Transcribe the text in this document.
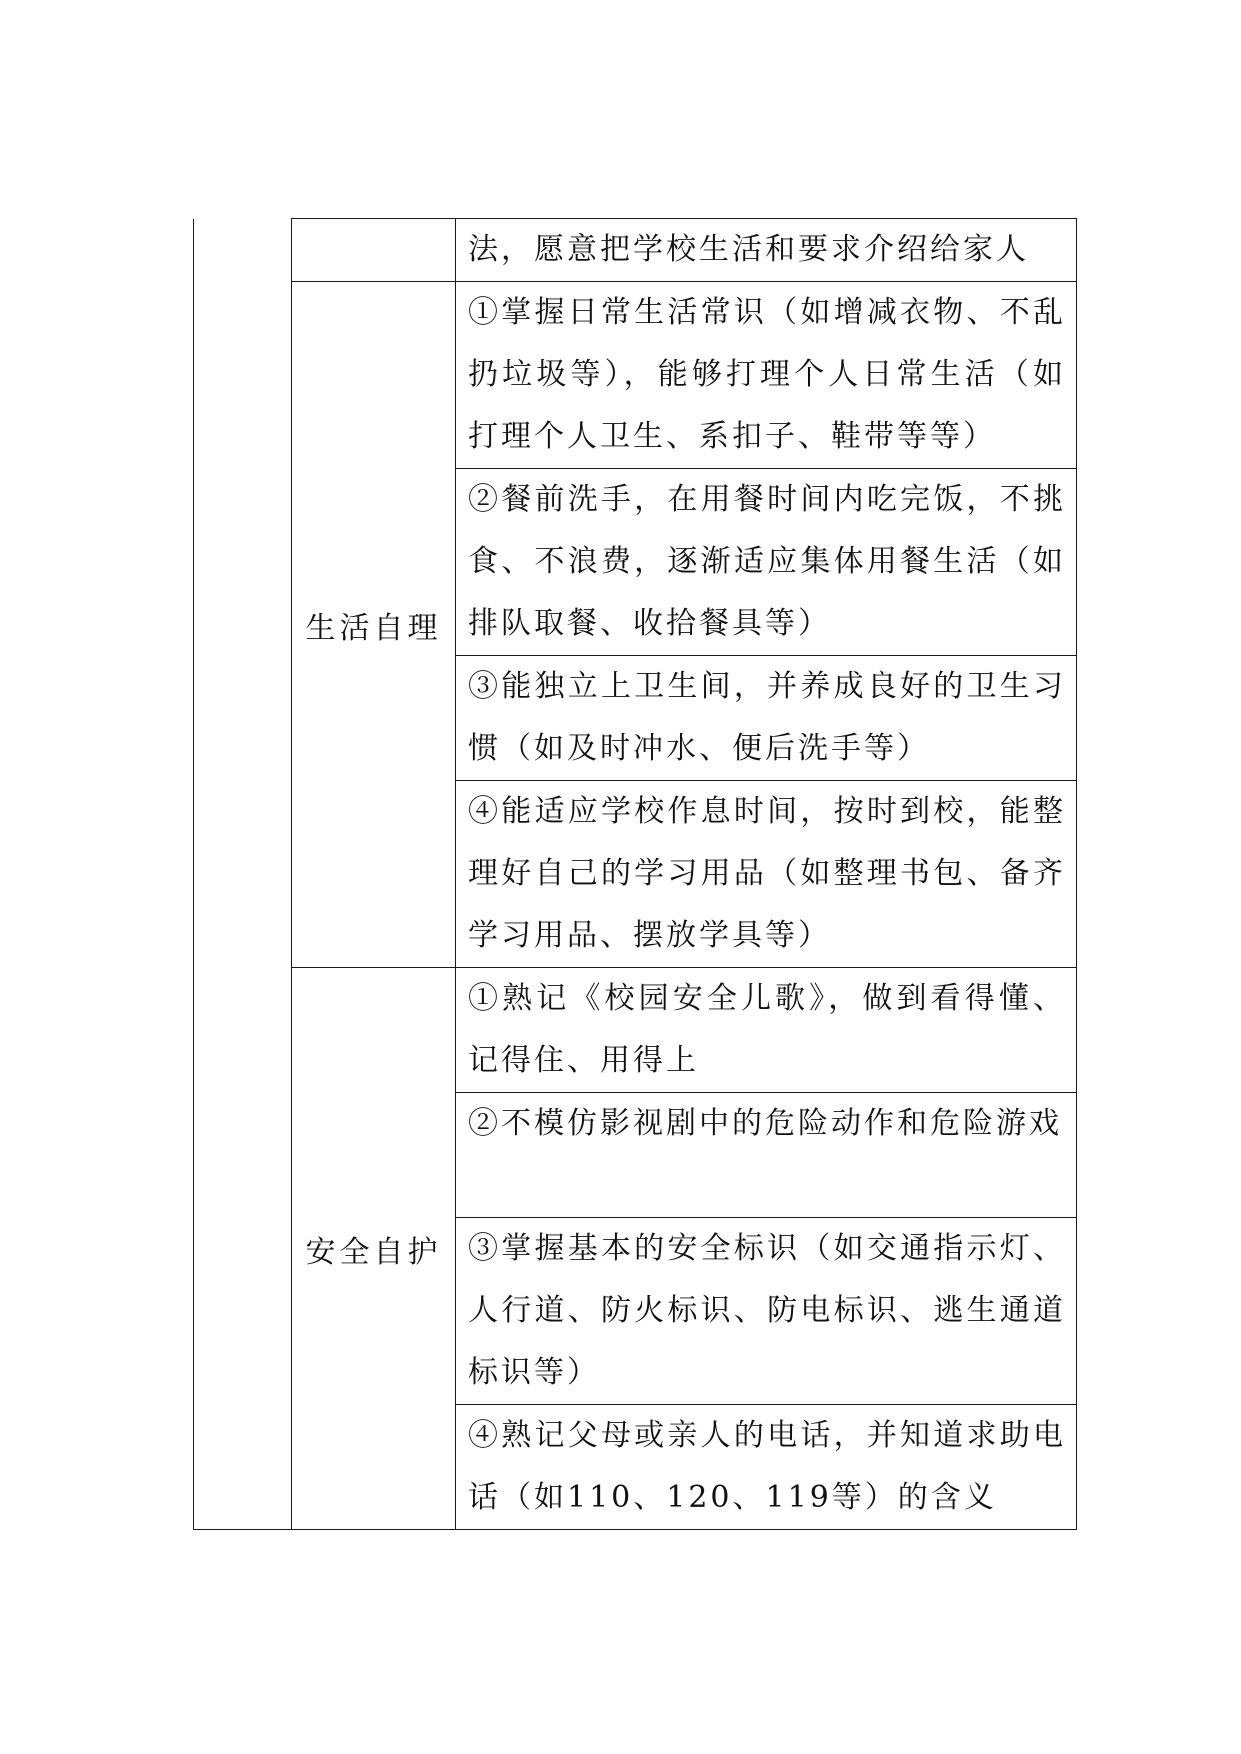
		法，愿意把学校生活和要求介绍给家人

	生活自理	①掌握日常生活常识（如增减衣物、不乱扔垃圾等），能够打理个人日常生活（如打理个人卫生、系扣子、鞋带等等）

		②餐前洗手，在用餐时间内吃完饭，不挑食、不浪费，逐渐适应集体用餐生活（如排队取餐、收拾餐具等）

		③能独立上卫生间，并养成良好的卫生习惯（如及时冲水、便后洗手等）

		④能适应学校作息时间，按时到校，能整理好自己的学习用品（如整理书包、备齐学习用品、摆放学具等）

	安全自护	①熟记《校园安全儿歌》，做到看得懂、记得住、用得上

		②不模仿影视剧中的危险动作和危险游戏

		③掌握基本的安全标识（如交通指示灯、人行道、防火标识、防电标识、逃生通道标识等）

		④熟记父母或亲人的电话，并知道求助电话（如110、120、119等）的含义
